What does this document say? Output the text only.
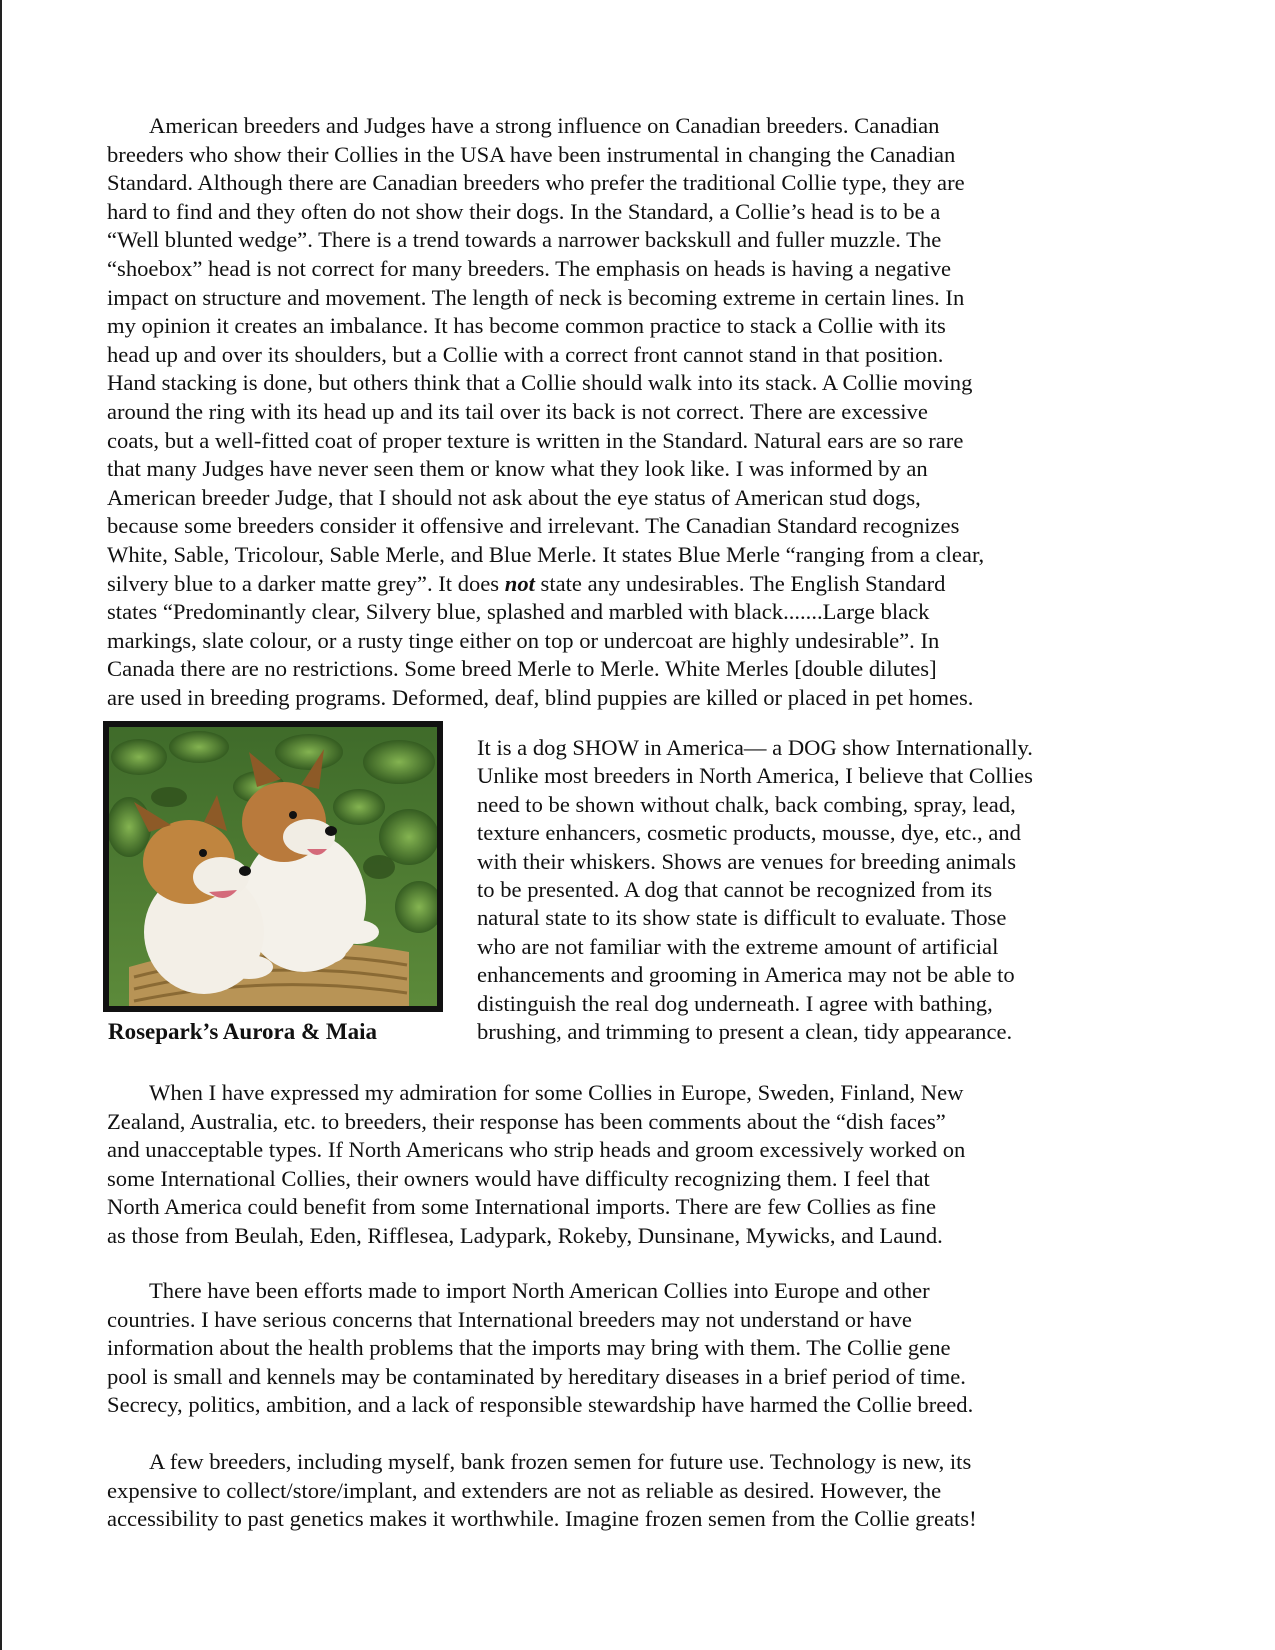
American breeders and Judges have a strong influence on Canadian breeders. Canadian
breeders who show their Collies in the USA have been instrumental in changing the Canadian
Standard. Although there are Canadian breeders who prefer the traditional Collie type, they are
hard to find and they often do not show their dogs. In the Standard, a Collie’s head is to be a
“Well blunted wedge”. There is a trend towards a narrower backskull and fuller muzzle. The
“shoebox” head is not correct for many breeders. The emphasis on heads is having a negative
impact on structure and movement. The length of neck is becoming extreme in certain lines. In
my opinion it creates an imbalance. It has become common practice to stack a Collie with its
head up and over its shoulders, but a Collie with a correct front cannot stand in that position.
Hand stacking is done, but others think that a Collie should walk into its stack. A Collie moving
around the ring with its head up and its tail over its back is not correct. There are excessive
coats, but a well-fitted coat of proper texture is written in the Standard. Natural ears are so rare
that many Judges have never seen them or know what they look like. I was informed by an
American breeder Judge, that I should not ask about the eye status of American stud dogs,
because some breeders consider it offensive and irrelevant. The Canadian Standard recognizes
White, Sable, Tricolour, Sable Merle, and Blue Merle. It states Blue Merle “ranging from a clear,
silvery blue to a darker matte grey”. It does not state any undesirables. The English Standard
states “Predominantly clear, Silvery blue, splashed and marbled with black.......Large black
markings, slate colour, or a rusty tinge either on top or undercoat are highly undesirable”. In
Canada there are no restrictions. Some breed Merle to Merle. White Merles [double dilutes]
are used in breeding programs. Deformed, deaf, blind puppies are killed or placed in pet homes.

Rosepark’s Aurora & Maia

It is a dog SHOW in America— a DOG show Internationally.
Unlike most breeders in North America, I believe that Collies
need to be shown without chalk, back combing, spray, lead,
texture enhancers, cosmetic products, mousse, dye, etc., and
with their whiskers. Shows are venues for breeding animals
to be presented. A dog that cannot be recognized from its
natural state to its show state is difficult to evaluate. Those
who are not familiar with the extreme amount of artificial
enhancements and grooming in America may not be able to
distinguish the real dog underneath. I agree with bathing,
brushing, and trimming to present a clean, tidy appearance.

When I have expressed my admiration for some Collies in Europe, Sweden, Finland, New
Zealand, Australia, etc. to breeders, their response has been comments about the “dish faces”
and unacceptable types. If North Americans who strip heads and groom excessively worked on
some International Collies, their owners would have difficulty recognizing them. I feel that
North America could benefit from some International imports. There are few Collies as fine
as those from Beulah, Eden, Rifflesea, Ladypark, Rokeby, Dunsinane, Mywicks, and Laund.

There have been efforts made to import North American Collies into Europe and other
countries. I have serious concerns that International breeders may not understand or have
information about the health problems that the imports may bring with them. The Collie gene
pool is small and kennels may be contaminated by hereditary diseases in a brief period of time.
Secrecy, politics, ambition, and a lack of responsible stewardship have harmed the Collie breed.

A few breeders, including myself, bank frozen semen for future use. Technology is new, its
expensive to collect/store/implant, and extenders are not as reliable as desired. However, the
accessibility to past genetics makes it worthwhile. Imagine frozen semen from the Collie greats!
